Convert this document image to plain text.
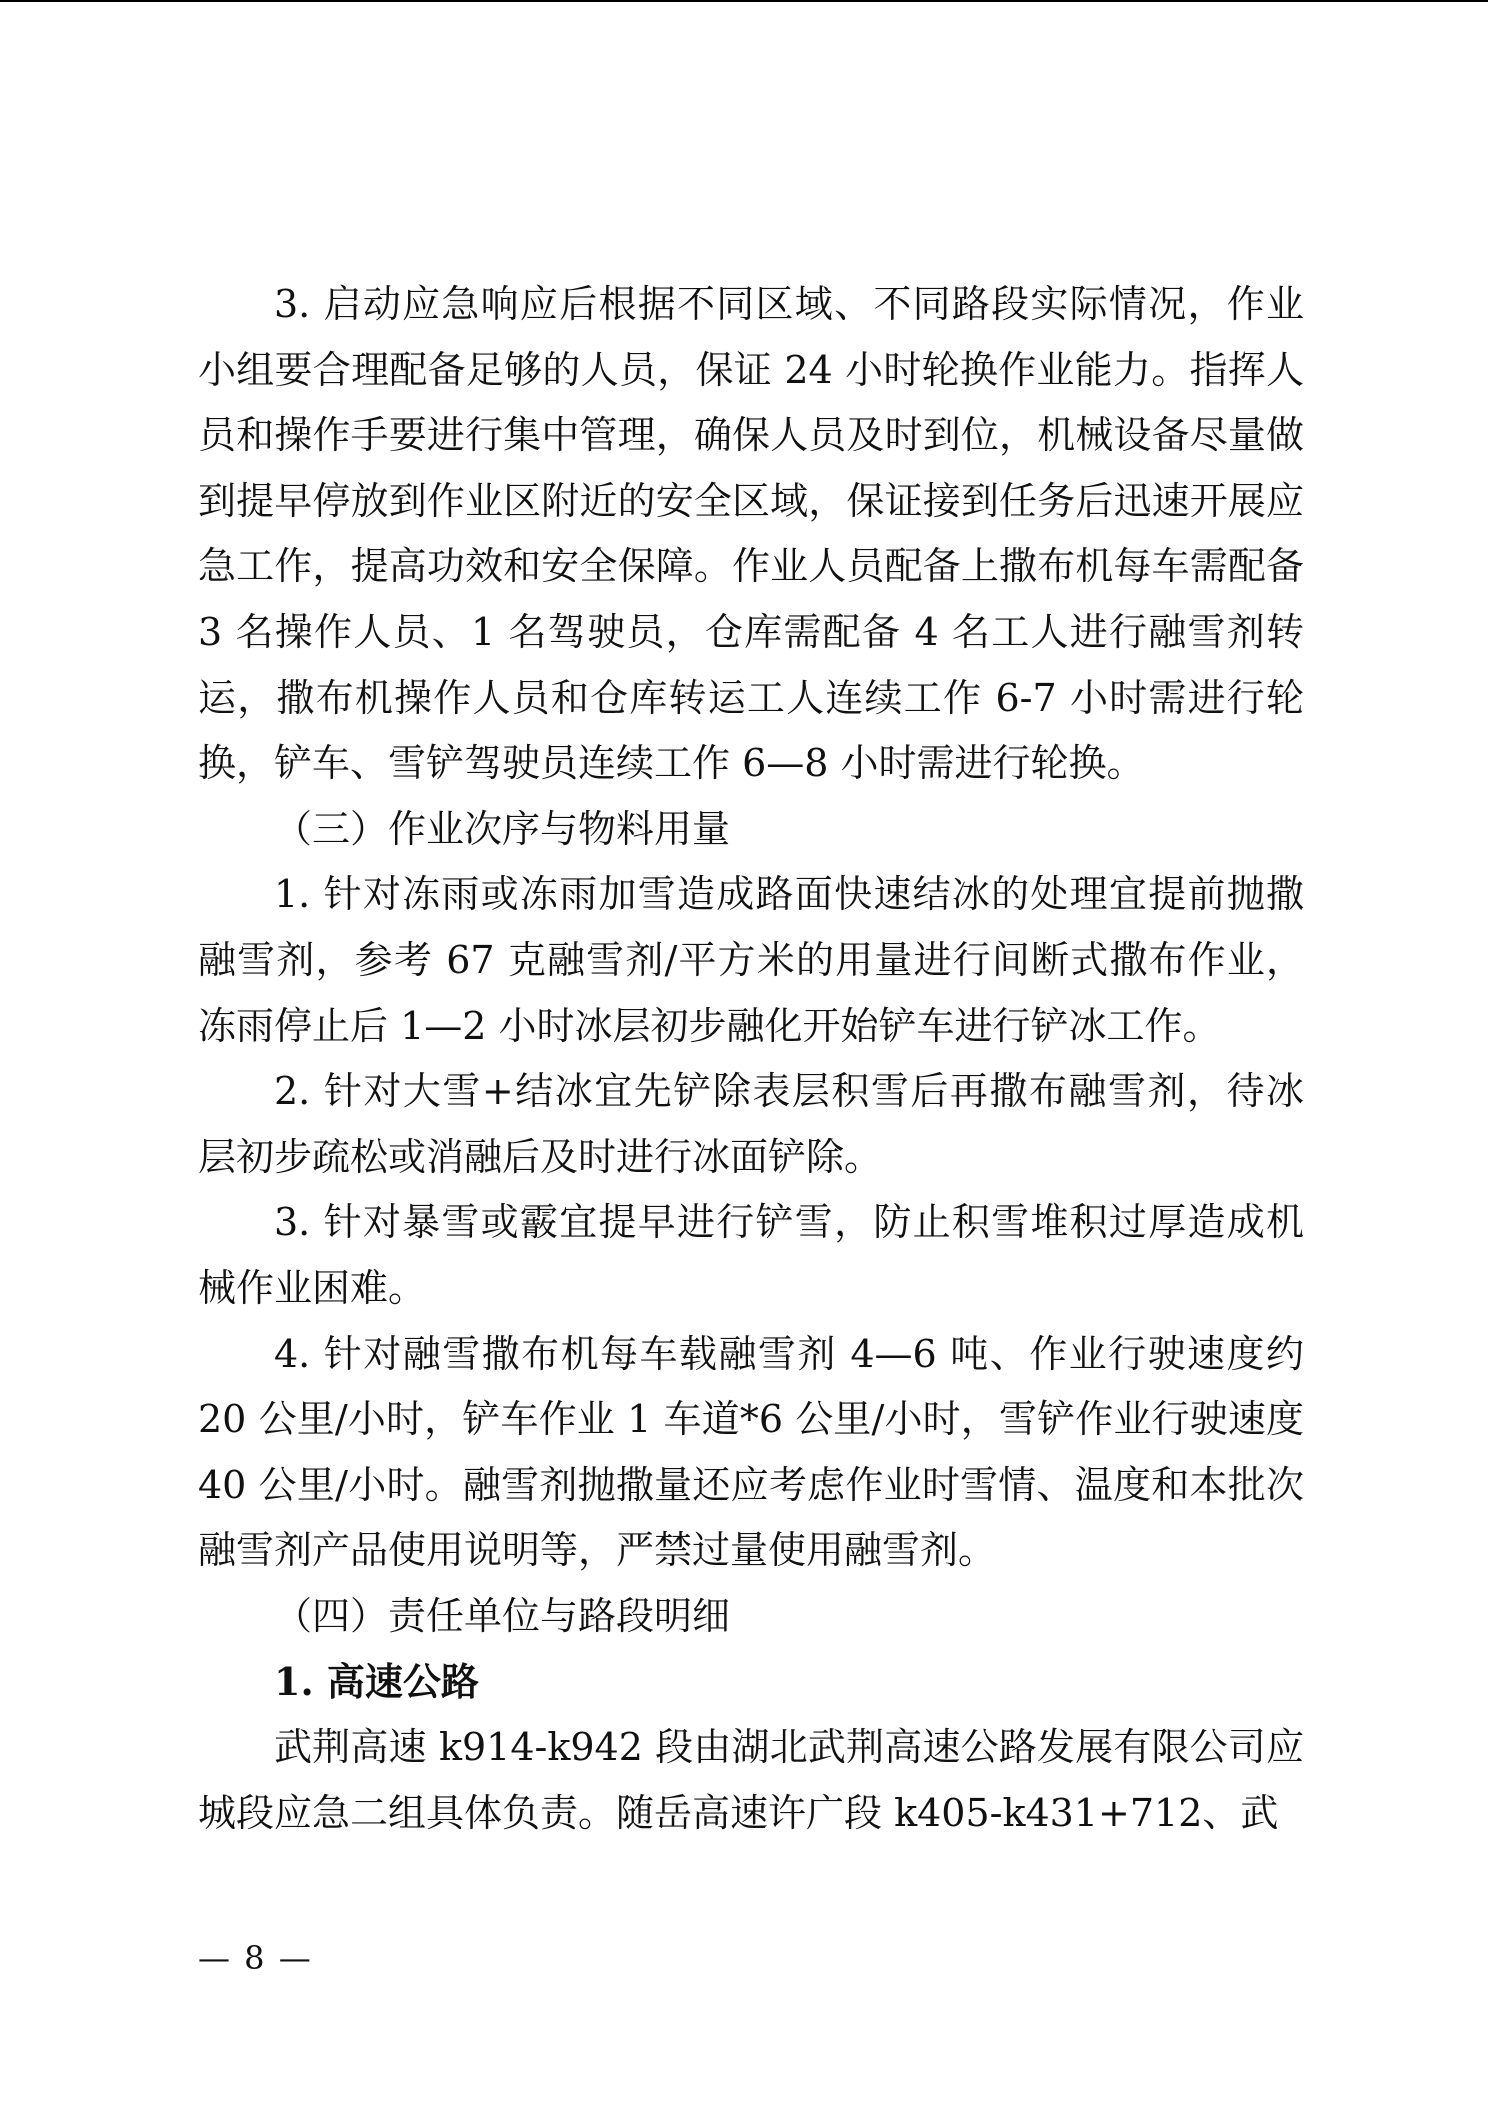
3. 启动应急响应后根据不同区域、不同路段实际情况，作业小组要合理配备足够的人员，保证 24 小时轮换作业能力。指挥人员和操作手要进行集中管理，确保人员及时到位，机械设备尽量做到提早停放到作业区附近的安全区域，保证接到任务后迅速开展应急工作，提高功效和安全保障。作业人员配备上撒布机每车需配备 3 名操作人员、1 名驾驶员，仓库需配备 4 名工人进行融雪剂转运，撒布机操作人员和仓库转运工人连续工作 6-7 小时需进行轮换，铲车、雪铲驾驶员连续工作 6—8 小时需进行轮换。

（三）作业次序与物料用量

1. 针对冻雨或冻雨加雪造成路面快速结冰的处理宜提前抛撒融雪剂，参考 67 克融雪剂/平方米的用量进行间断式撒布作业，冻雨停止后 1—2 小时冰层初步融化开始铲车进行铲冰工作。

2. 针对大雪+结冰宜先铲除表层积雪后再撒布融雪剂，待冰层初步疏松或消融后及时进行冰面铲除。

3. 针对暴雪或霰宜提早进行铲雪，防止积雪堆积过厚造成机械作业困难。

4. 针对融雪撒布机每车载融雪剂 4—6 吨、作业行驶速度约 20 公里/小时，铲车作业 1 车道*6 公里/小时，雪铲作业行驶速度 40 公里/小时。融雪剂抛撒量还应考虑作业时雪情、温度和本批次融雪剂产品使用说明等，严禁过量使用融雪剂。

（四）责任单位与路段明细

1. 高速公路

武荆高速 k914-k942 段由湖北武荆高速公路发展有限公司应城段应急二组具体负责。随岳高速许广段 k405-k431+712、武

— 8 —
